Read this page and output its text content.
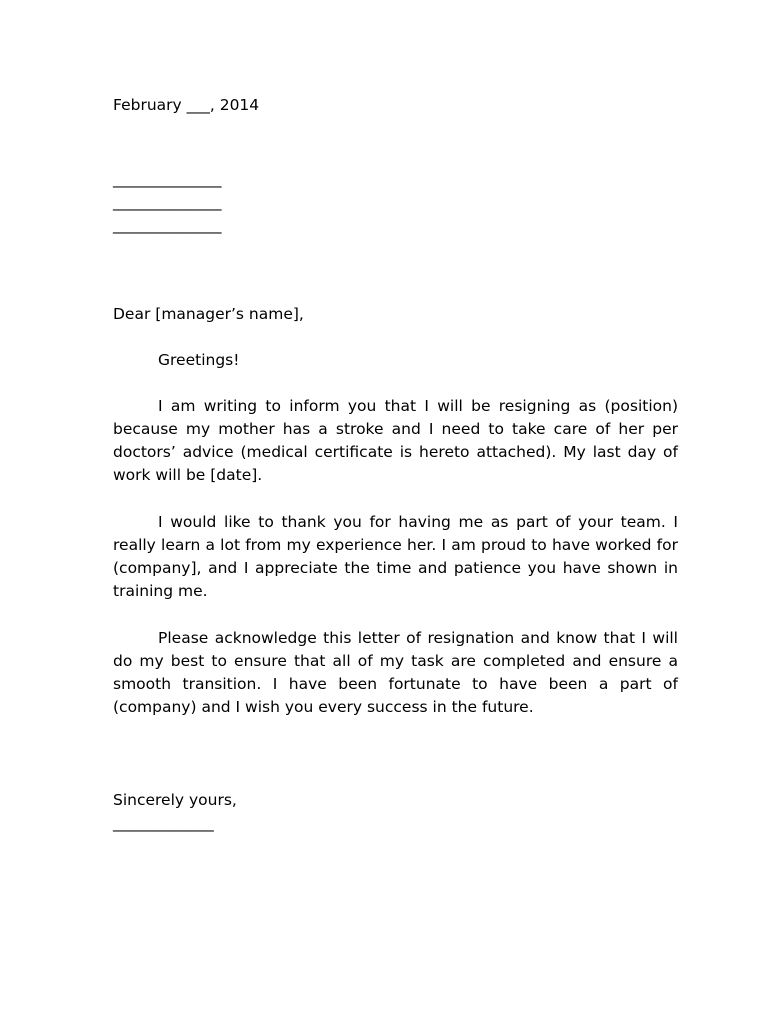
February ___, 2014

______________

______________

______________

Dear [manager’s name],

Greetings!

I am writing to inform you that I will be resigning as (position) because my mother has a stroke and I need to take care of her per doctors’ advice (medical certificate is hereto attached). My last day of work will be [date].

I would like to thank you for having me as part of your team. I really learn a lot from my experience her. I am proud to have worked for (company], and I appreciate the time and patience you have shown in training me.

Please acknowledge this letter of resignation and know that I will do my best to ensure that all of my task are completed and ensure a smooth transition. I have been fortunate to have been a part of (company) and I wish you every success in the future.

Sincerely yours,

_____________
